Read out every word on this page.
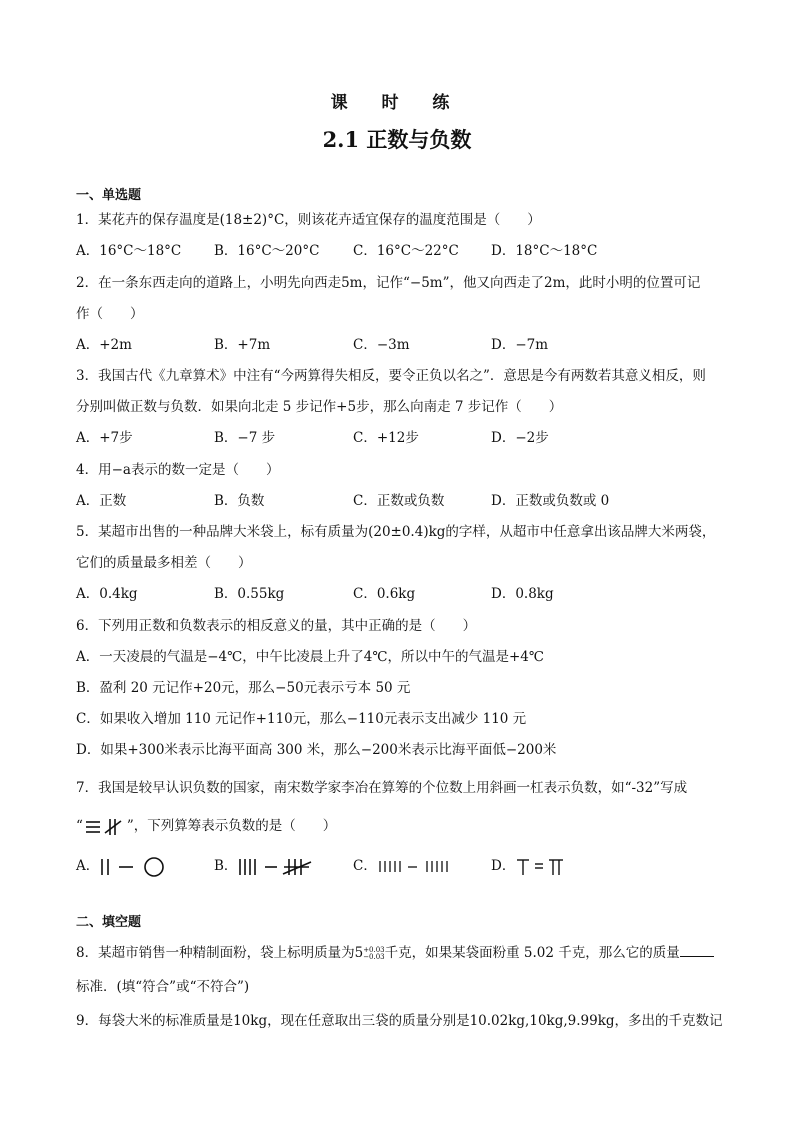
课 时 练
2.1 正数与负数
一、单选题
1．某花卉的保存温度是(18±2)°C，则该花卉适宜保存的温度范围是（　　）
A．16°C～18°C B．16°C～20°C C．16°C～22°C D．18°C～18°C
2．在一条东西走向的道路上，小明先向西走5m，记作“−5m”，他又向西走了2m，此时小明的位置可记
作（　　）
A．+2m	B．+7m	C．−3m	D．−7m
3．我国古代《九章算术》中注有“今两算得失相反，要令正负以名之”．意思是今有两数若其意义相反，则
分别叫做正数与负数．如果向北走 5 步记作+5步，那么向南走 7 步记作（　　）
A．+7步	B．−7 步	C．+12步	D．−2步
4．用−a表示的数一定是（　　）
A．正数	B．负数	C．正数或负数	D．正数或负数或 0
5．某超市出售的一种品牌大米袋上，标有质量为(20±0.4)kg的字样，从超市中任意拿出该品牌大米两袋，
它们的质量最多相差（　　）
A．0.4kg	B．0.55kg	C．0.6kg	D．0.8kg
6．下列用正数和负数表示的相反意义的量，其中正确的是（　　）
A．一天凌晨的气温是−4℃，中午比凌晨上升了4℃，所以中午的气温是+4℃
B．盈利 20 元记作+20元，那么−50元表示亏本 50 元
C．如果收入增加 110 元记作+110元，那么−110元表示支出减少 110 元
D．如果+300米表示比海平面高 300 米，那么−200米表示比海平面低−200米
7．我国是较早认识负数的国家，南宋数学家李冶在算筹的个位数上用斜画一杠表示负数，如“-32”写成
“	”，下列算筹表示负数的是（　　）
A．	B．	C．	D．
二、填空题
8．某超市销售一种精制面粉，袋上标明质量为5 +0.03
−0.03 千克，如果某袋面粉重 5.02 千克，那么它的质量
标准．(填“符合”或“不符合”)
9．每袋大米的标准质量是10kg，现在任意取出三袋的质量分别是10.02kg,10kg,9.99kg，多出的千克数记
